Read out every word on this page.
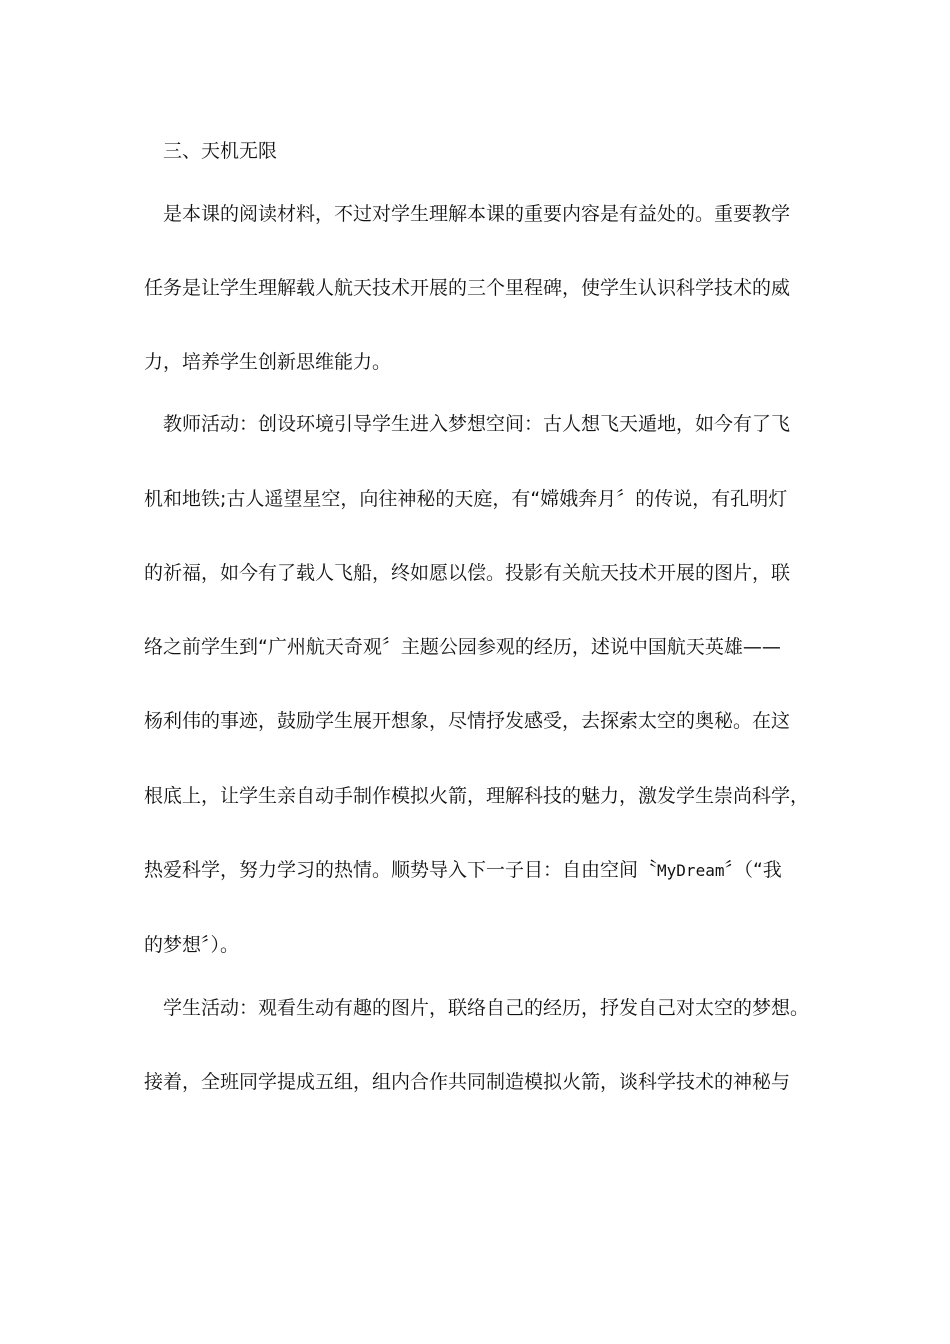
三、天机无限
是本课的阅读材料，不过对学生理解本课的重要内容是有益处的。重要教学
任务是让学生理解载人航天技术开展的三个里程碑，使学生认识科学技术的威
力，培养学生创新思维能力。
教师活动：创设环境引导学生进入梦想空间：古人想飞天遁地，如今有了飞
机和地铁;古人遥望星空，向往神秘的天庭，有“嫦娥奔月〞的传说，有孔明灯
的祈福，如今有了载人飞船，终如愿以偿。投影有关航天技术开展的图片，联
络之前学生到“广州航天奇观〞主题公园参观的经历，述说中国航天英雄——
杨利伟的事迹，鼓励学生展开想象，尽情抒发感受，去探索太空的奥秘。在这
根底上，让学生亲自动手制作模拟火箭，理解科技的魅力，激发学生崇尚科学，
热爱科学，努力学习的热情。顺势导入下一子目：自由空间〝MyDream〞（“我
的梦想〞）。
学生活动：观看生动有趣的图片，联络自己的经历，抒发自己对太空的梦想。
接着，全班同学提成五组，组内合作共同制造模拟火箭，谈科学技术的神秘与
